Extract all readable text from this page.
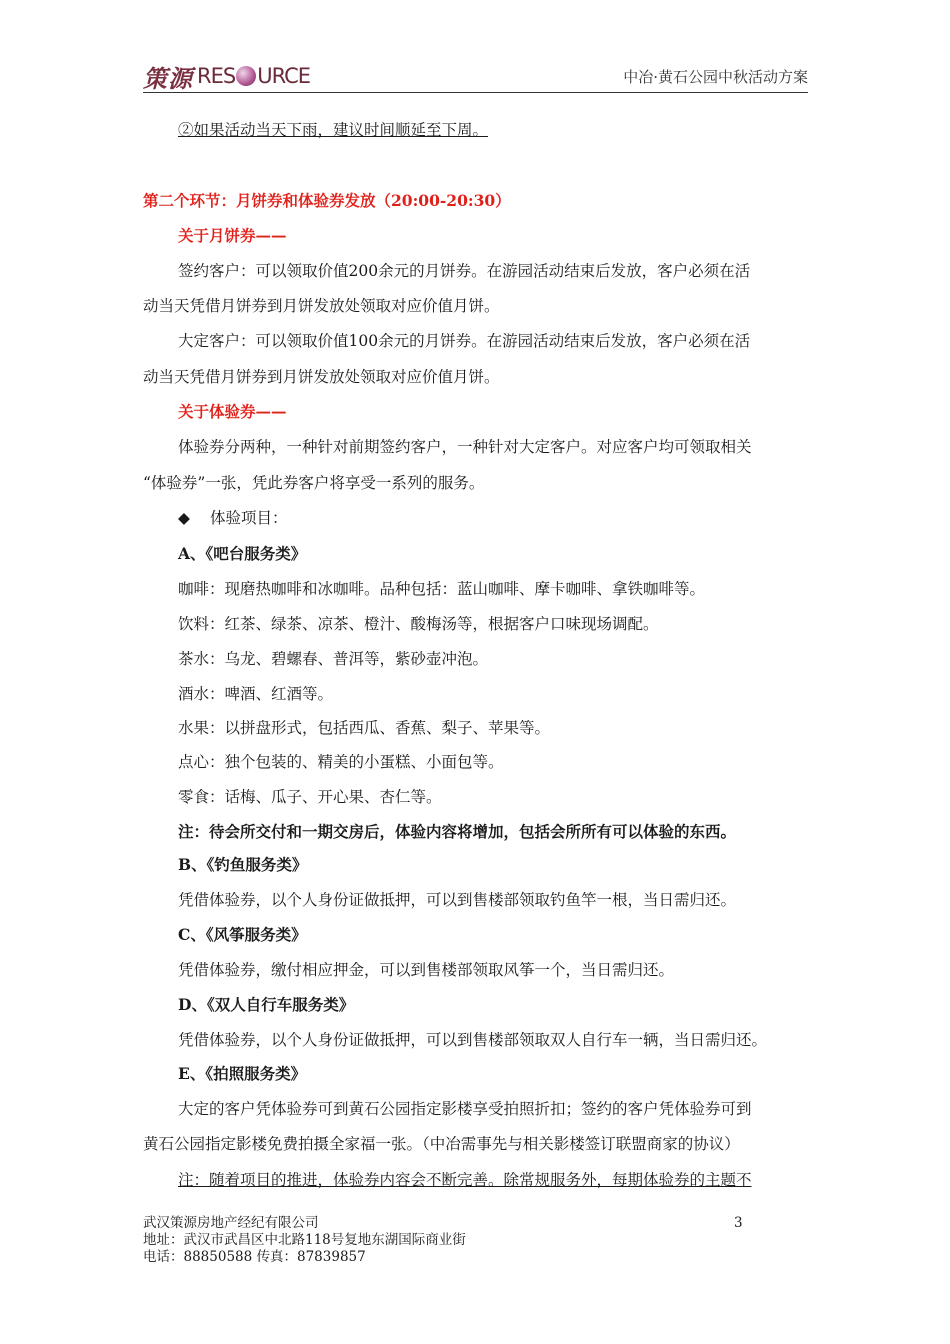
策源 RES URCE	中冶·黄石公园中秋活动方案
②如果活动当天下雨，建议时间顺延至下周。
第二个环节：月饼券和体验券发放（20:00-20:30）
关于月饼券——
签约客户：可以领取价值200余元的月饼券。在游园活动结束后发放，客户必须在活
动当天凭借月饼券到月饼发放处领取对应价值月饼。
大定客户：可以领取价值100余元的月饼券。在游园活动结束后发放，客户必须在活
动当天凭借月饼券到月饼发放处领取对应价值月饼。
关于体验券——
体验券分两种，一种针对前期签约客户，一种针对大定客户。对应客户均可领取相关
“体验券”一张，凭此券客户将享受一系列的服务。
◆ 体验项目：
A、《吧台服务类》
咖啡：现磨热咖啡和冰咖啡。品种包括：蓝山咖啡、摩卡咖啡、拿铁咖啡等。
饮料：红茶、绿茶、凉茶、橙汁、酸梅汤等，根据客户口味现场调配。
茶水：乌龙、碧螺春、普洱等，紫砂壶冲泡。
酒水：啤酒、红酒等。
水果：以拼盘形式，包括西瓜、香蕉、梨子、苹果等。
点心：独个包装的、精美的小蛋糕、小面包等。
零食：话梅、瓜子、开心果、杏仁等。
注：待会所交付和一期交房后，体验内容将增加，包括会所所有可以体验的东西。
B、《钓鱼服务类》
凭借体验券，以个人身份证做抵押，可以到售楼部领取钓鱼竿一根，当日需归还。
C、《风筝服务类》
凭借体验券，缴付相应押金，可以到售楼部领取风筝一个，当日需归还。
D、《双人自行车服务类》
凭借体验券，以个人身份证做抵押，可以到售楼部领取双人自行车一辆，当日需归还。
E、《拍照服务类》
大定的客户凭体验券可到黄石公园指定影楼享受拍照折扣；签约的客户凭体验券可到
黄石公园指定影楼免费拍摄全家福一张。（中冶需事先与相关影楼签订联盟商家的协议）
注：随着项目的推进，体验券内容会不断完善。除常规服务外，每期体验券的主题不
武汉策源房地产经纪有限公司	3
地址：武汉市武昌区中北路118号复地东湖国际商业街
电话：88850588 传真：87839857
